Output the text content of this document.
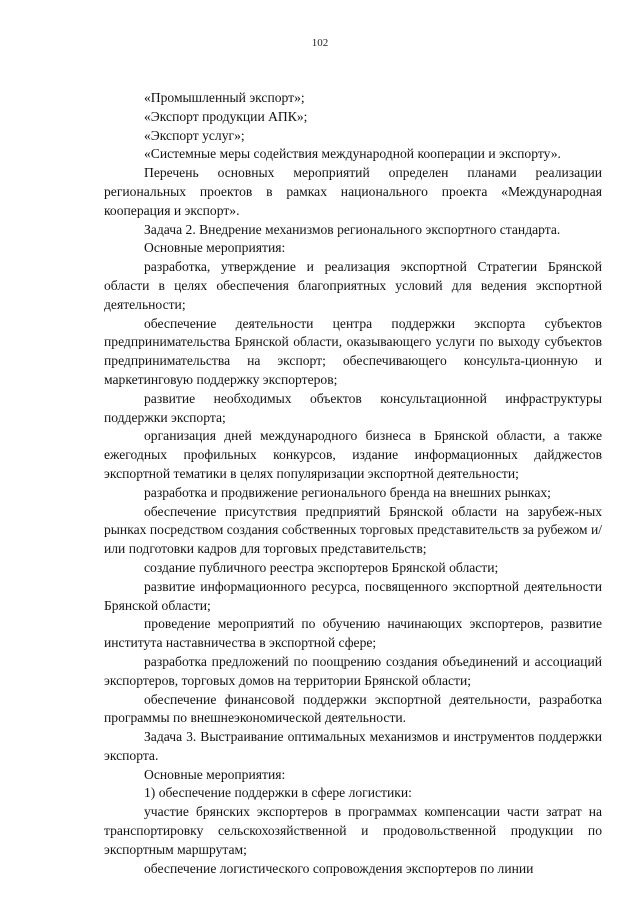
102

«Промышленный экспорт»;

«Экспорт продукции АПК»;

«Экспорт услуг»;

«Системные меры содействия международной кооперации и экспорту».

Перечень основных мероприятий определен планами реализации региональных проектов в рамках национального проекта «Международная кооперация и экспорт».

Задача 2. Внедрение механизмов регионального экспортного стандарта.

Основные мероприятия:

разработка, утверждение и реализация экспортной Стратегии Брянской области в целях обеспечения благоприятных условий для ведения экспортной деятельности;

обеспечение деятельности центра поддержки экспорта субъектов предпринимательства Брянской области, оказывающего услуги по выходу субъектов предпринимательства на экспорт; обеспечивающего консульта-ционную и маркетинговую поддержку экспортеров;

развитие необходимых объектов консультационной инфраструктуры поддержки экспорта;

организация дней международного бизнеса в Брянской области, а также ежегодных профильных конкурсов, издание информационных дайджестов экспортной тематики в целях популяризации экспортной деятельности;

разработка и продвижение регионального бренда на внешних рынках;

обеспечение присутствия предприятий Брянской области на зарубеж-ных рынках посредством создания собственных торговых представительств за рубежом и/или подготовки кадров для торговых представительств;

создание публичного реестра экспортеров Брянской области;

развитие информационного ресурса, посвященного экспортной деятельности Брянской области;

проведение мероприятий по обучению начинающих экспортеров, развитие института наставничества в экспортной сфере;

разработка предложений по поощрению создания объединений и ассоциаций экспортеров, торговых домов на территории Брянской области;

обеспечение финансовой поддержки экспортной деятельности, разработка программы по внешнеэкономической деятельности.

Задача 3. Выстраивание оптимальных механизмов и инструментов поддержки экспорта.

Основные мероприятия:

1) обеспечение поддержки в сфере логистики:

участие брянских экспортеров в программах компенсации части затрат на транспортировку сельскохозяйственной и продовольственной продукции по экспортным маршрутам;

обеспечение логистического сопровождения экспортеров по линии
